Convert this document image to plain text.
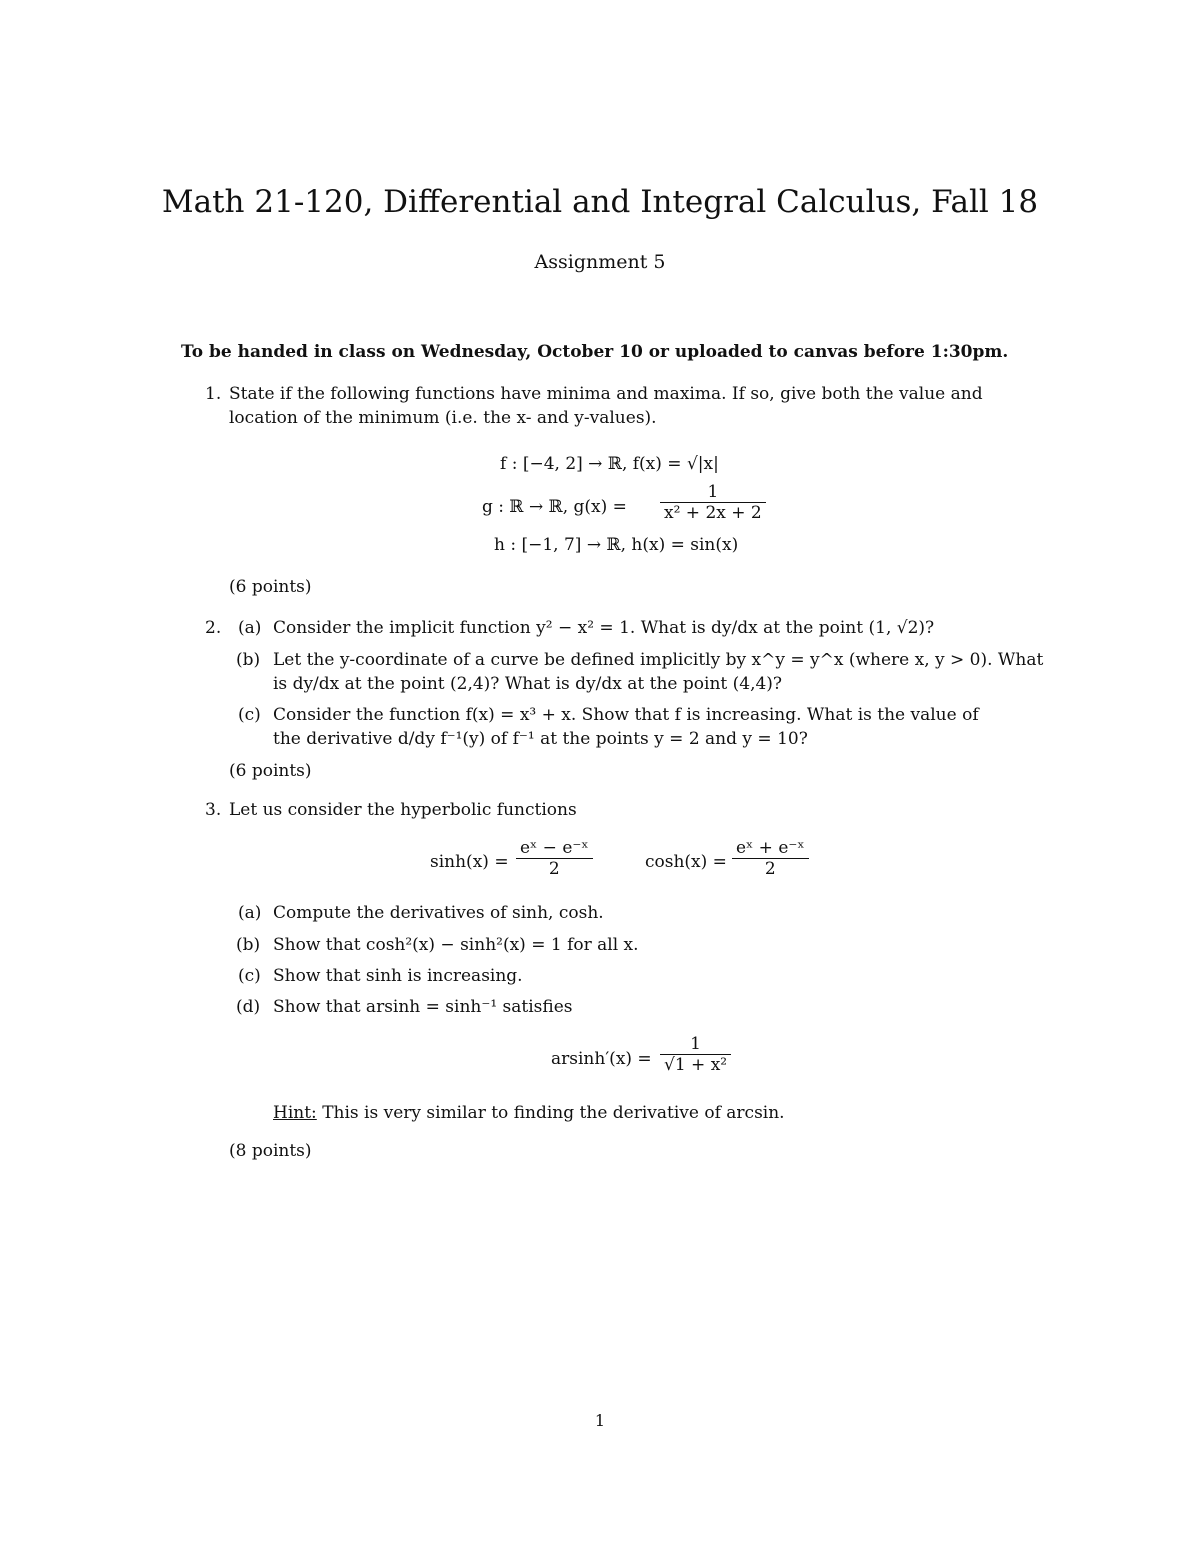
Math 21-120, Differential and Integral Calculus, Fall 18
Assignment 5
To be handed in class on Wednesday, October 10 or uploaded to canvas before 1:30pm.
1. State if the following functions have minima and maxima. If so, give both the value and
location of the minimum (i.e. the x- and y-values).
f : [−4, 2] → ℝ, f(x) = √|x|
g : ℝ → ℝ, $g(x) = \frac{1}{\text{x² + 2x + 2}}$
h : [−1, 7] → ℝ, h(x) = sin(x)
(6 points)
2. (a) Consider the implicit function y² − x² = 1. What is dy/dx at the point (1, √2)?
(b) Let the y-coordinate of a curve be defined implicitly by x^y = y^x (where x, y > 0). What
is dy/dx at the point (2,4)? What is dy/dx at the point (4,4)?
(c) Consider the function f(x) = x³ + x. Show that f is increasing. What is the value of
the derivative d/dy f⁻¹(y) of f⁻¹ at the points y = 2 and y = 10?
(6 points)
3. Let us consider the hyperbolic functions
$\sinh(x) = \frac{\text{eˣ − e⁻ˣ}}{2}$	$\cosh(x) = \frac{\text{eˣ + e⁻ˣ}}{2}$
(a) Compute the derivatives of sinh, cosh.
(b) Show that cosh²(x) − sinh²(x) = 1 for all x.
(c) Show that sinh is increasing.
(d) Show that arsinh = sinh⁻¹ satisfies
$arsinh'(x) = \frac{1}{\text{√1 + x²}}$
Hint: This is very similar to finding the derivative of arcsin.
(8 points)
1
